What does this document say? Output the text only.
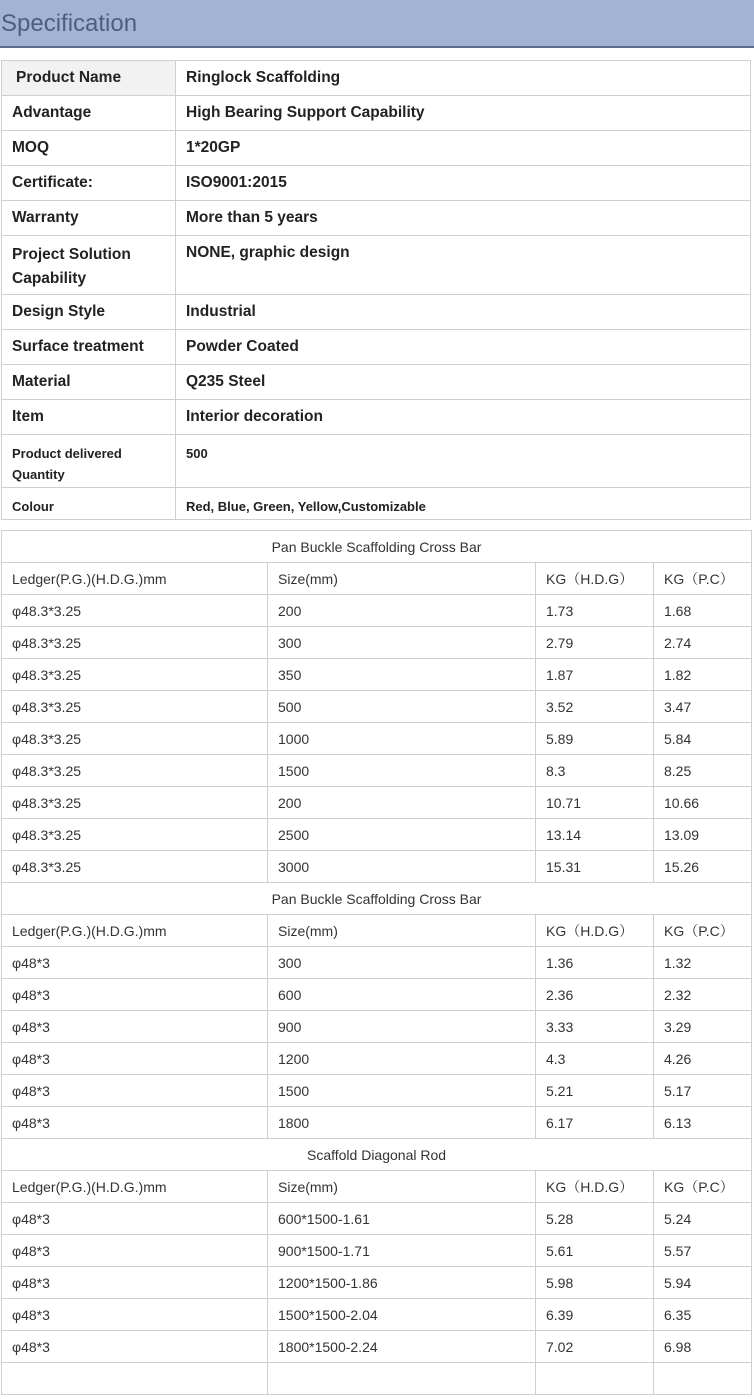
Specification
Product Name	Ringlock Scaffolding
Advantage	High Bearing Support Capability
MOQ	1*20GP
Certificate:	ISO9001:2015
Warranty	More than 5 years
Project Solution Capability	NONE, graphic design
Design Style	Industrial
Surface treatment	Powder Coated
Material	Q235 Steel
Item	Interior decoration
Product delivered Quantity	500
Colour	Red, Blue, Green, Yellow,Customizable
Pan Buckle Scaffolding Cross Bar			
Ledger(P.G.)(H.D.G.)mm	Size(mm)	KG（H.D.G）	KG（P.C）
φ48.3*3.25	200	1.73	1.68
φ48.3*3.25	300	2.79	2.74
φ48.3*3.25	350	1.87	1.82
φ48.3*3.25	500	3.52	3.47
φ48.3*3.25	1000	5.89	5.84
φ48.3*3.25	1500	8.3	8.25
φ48.3*3.25	200	10.71	10.66
φ48.3*3.25	2500	13.14	13.09
φ48.3*3.25	3000	15.31	15.26
Pan Buckle Scaffolding Cross Bar			
Ledger(P.G.)(H.D.G.)mm	Size(mm)	KG（H.D.G）	KG（P.C）
φ48*3	300	1.36	1.32
φ48*3	600	2.36	2.32
φ48*3	900	3.33	3.29
φ48*3	1200	4.3	4.26
φ48*3	1500	5.21	5.17
φ48*3	1800	6.17	6.13
Scaffold Diagonal Rod			
Ledger(P.G.)(H.D.G.)mm	Size(mm)	KG（H.D.G）	KG（P.C）
φ48*3	600*1500-1.61	5.28	5.24
φ48*3	900*1500-1.71	5.61	5.57
φ48*3	1200*1500-1.86	5.98	5.94
φ48*3	1500*1500-2.04	6.39	6.35
φ48*3	1800*1500-2.24	7.02	6.98
